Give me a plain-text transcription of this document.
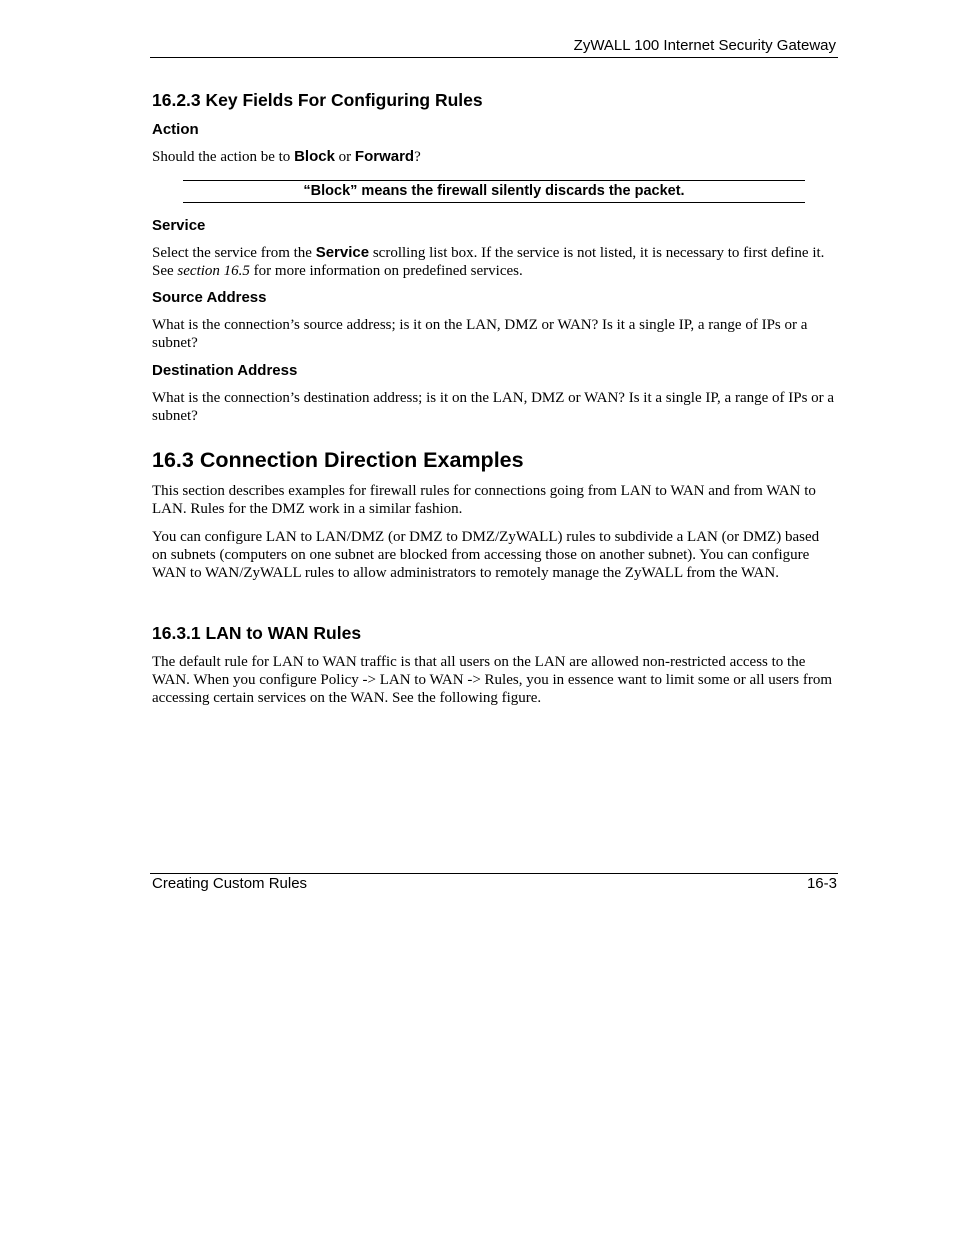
ZyWALL 100 Internet Security Gateway
16.2.3 Key Fields For Configuring Rules
Action

Should the action be to Block or Forward?

“Block” means the firewall silently discards the packet.
Service

Select the service from the Service scrolling list box. If the service is not listed, it is necessary to first define it. See section 16.5 for more information on predefined services.

Source Address

What is the connection’s source address; is it on the LAN, DMZ or WAN? Is it a single IP, a range of IPs or a subnet?

Destination Address

What is the connection’s destination address; is it on the LAN, DMZ or WAN? Is it a single IP, a range of IPs or a subnet?

16.3 Connection Direction Examples

This section describes examples for firewall rules for connections going from LAN to WAN and from WAN to LAN. Rules for the DMZ work in a similar fashion.

You can configure LAN to LAN/DMZ (or DMZ to DMZ/ZyWALL) rules to subdivide a LAN (or DMZ) based on subnets (computers on one subnet are blocked from accessing those on another subnet). You can configure WAN to WAN/ZyWALL rules to allow administrators to remotely manage the ZyWALL from the WAN.

16.3.1 LAN to WAN Rules

The default rule for LAN to WAN traffic is that all users on the LAN are allowed non-restricted access to the WAN. When you configure Policy -> LAN to WAN -> Rules, you in essence want to limit some or all users from accessing certain services on the WAN. See the following figure.

Creating Custom Rules	16-3
